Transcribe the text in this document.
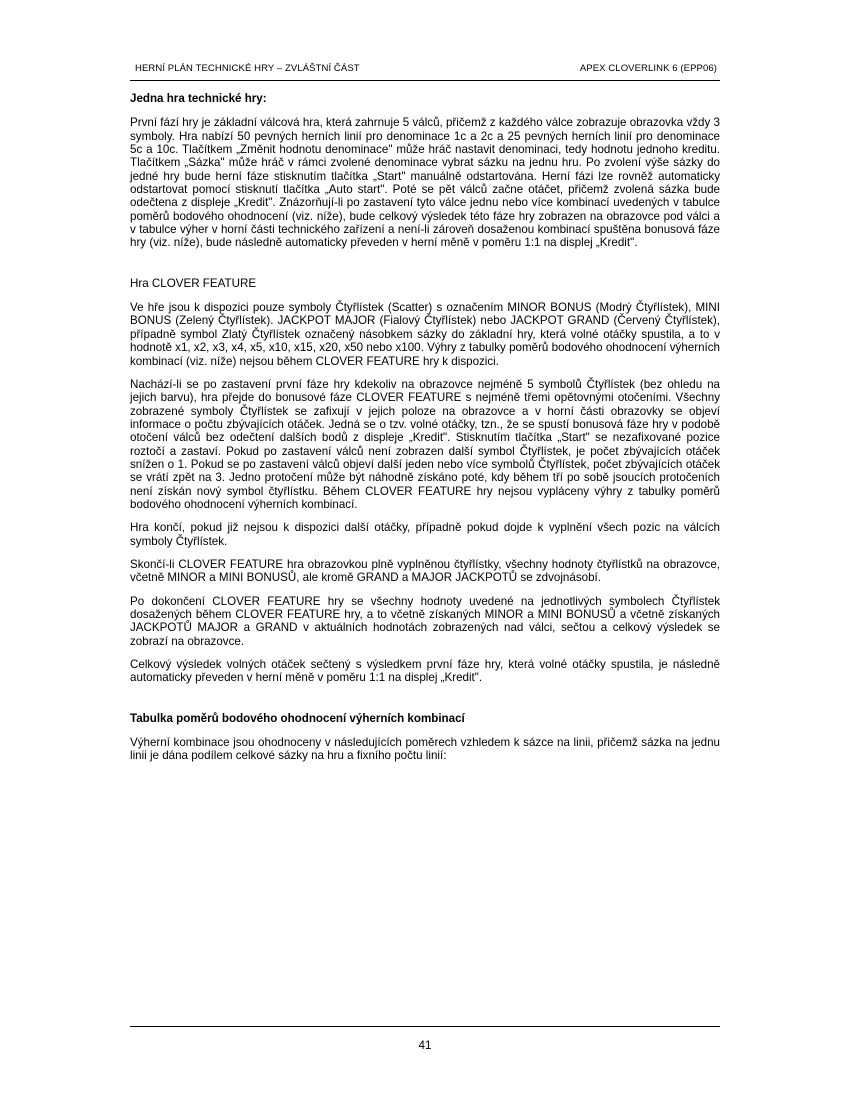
HERNÍ PLÁN TECHNICKÉ HRY – ZVLÁŠTNÍ ČÁST	APEX CLOVERLINK 6 (EPP06)
Jedna hra technické hry:

První fází hry je základní válcová hra, která zahrnuje 5 válců, přičemž z každého válce zobrazuje obrazovka vždy 3 symboly. Hra nabízí 50 pevných herních linií pro denominace 1c a 2c a 25 pevných herních linií pro denominace 5c a 10c. Tlačítkem „Změnit hodnotu denominace" může hráč nastavit denominaci, tedy hodnotu jednoho kreditu. Tlačítkem „Sázka" může hráč v rámci zvolené denominace vybrat sázku na jednu hru. Po zvolení výše sázky do jedné hry bude herní fáze stisknutím tlačítka „Start" manuálně odstartována. Herní fázi lze rovněž automaticky odstartovat pomocí stisknutí tlačítka „Auto start". Poté se pět válců začne otáčet, přičemž zvolená sázka bude odečtena z displeje „Kredit". Znázorňují-li po zastavení tyto válce jednu nebo více kombinací uvedených v tabulce poměrů bodového ohodnocení (viz. níže), bude celkový výsledek této fáze hry zobrazen na obrazovce pod válci a v tabulce výher v horní části technického zařízení a není-li zároveň dosaženou kombinací spuštěna bonusová fáze hry (viz. níže), bude následně automaticky převeden v herní měně v poměru 1:1 na displej „Kredit".

Hra CLOVER FEATURE

Ve hře jsou k dispozici pouze symboly Čtyřlístek (Scatter) s označením MINOR BONUS (Modrý Čtyřlístek), MINI BONUS (Zelený Čtyřlístek). JACKPOT MAJOR (Fialový Čtyřlístek) nebo JACKPOT GRAND (Červený Čtyřlístek), případně symbol Zlatý Čtyřlístek označený násobkem sázky do základní hry, která volné otáčky spustila, a to v hodnotě x1, x2, x3, x4, x5, x10, x15, x20, x50 nebo x100. Výhry z tabulky poměrů bodového ohodnocení výherních kombinací (viz. níže) nejsou během CLOVER FEATURE hry k dispozici.

Nachází-li se po zastavení první fáze hry kdekoliv na obrazovce nejméně 5 symbolů Čtyřlístek (bez ohledu na jejich barvu), hra přejde do bonusové fáze CLOVER FEATURE s nejméně třemi opětovnými otočeními. Všechny zobrazené symboly Čtyřlístek se zafixují v jejich poloze na obrazovce a v horní části obrazovky se objeví informace o počtu zbývajících otáček. Jedná se o tzv. volné otáčky, tzn., že se spustí bonusová fáze hry v podobě otočení válců bez odečtení dalších bodů z displeje „Kredit". Stisknutím tlačítka „Start" se nezafixované pozice roztočí a zastaví. Pokud po zastavení válců není zobrazen další symbol Čtyřlístek, je počet zbývajících otáček snížen o 1. Pokud se po zastavení válců objeví další jeden nebo více symbolů Čtyřlístek, počet zbývajících otáček se vrátí zpět na 3. Jedno protočení může být náhodně získáno poté, kdy během tří po sobě jsoucích protočeních není získán nový symbol čtyřlístku. Během CLOVER FEATURE hry nejsou vypláceny výhry z tabulky poměrů bodového ohodnocení výherních kombinací.

Hra končí, pokud již nejsou k dispozici další otáčky, případně pokud dojde k vyplnění všech pozic na válcích symboly Čtyřlístek.

Skončí-li CLOVER FEATURE hra obrazovkou plně vyplněnou čtyřlístky, všechny hodnoty čtyřlístků na obrazovce, včetně MINOR a MINI BONUSŮ, ale kromě GRAND a MAJOR JACKPOTŮ se zdvojnásobí.

Po dokončení CLOVER FEATURE hry se všechny hodnoty uvedené na jednotlivých symbolech Čtyřlístek dosažených během CLOVER FEATURE hry, a to včetně získaných MINOR a MINI BONUSŮ a včetně získaných JACKPOTŮ MAJOR a GRAND v aktuálních hodnotách zobrazených nad válci, sečtou a celkový výsledek se zobrazí na obrazovce.

Celkový výsledek volných otáček sečtený s výsledkem první fáze hry, která volné otáčky spustila, je následně automaticky převeden v herní měně v poměru 1:1 na displej „Kredit".

Tabulka poměrů bodového ohodnocení výherních kombinací

Výherní kombinace jsou ohodnoceny v následujících poměrech vzhledem k sázce na linii, přičemž sázka na jednu linii je dána podílem celkové sázky na hru a fixního počtu linií:

41
